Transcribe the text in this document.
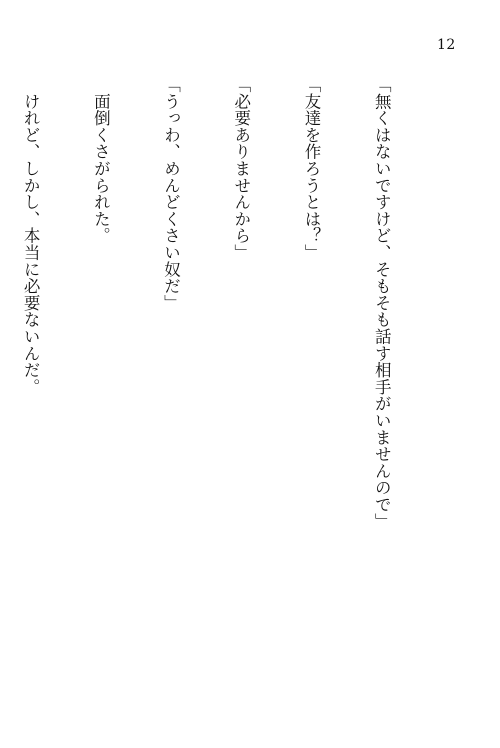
12

「無くはないですけど、そもそも話す相手がいませんので」

「友達を作ろうとは？」

「必要ありませんから」

「うっわ、めんどくさい奴だ」

　面倒くさがられた。

　けれど、しかし、本当に必要ないんだ。
